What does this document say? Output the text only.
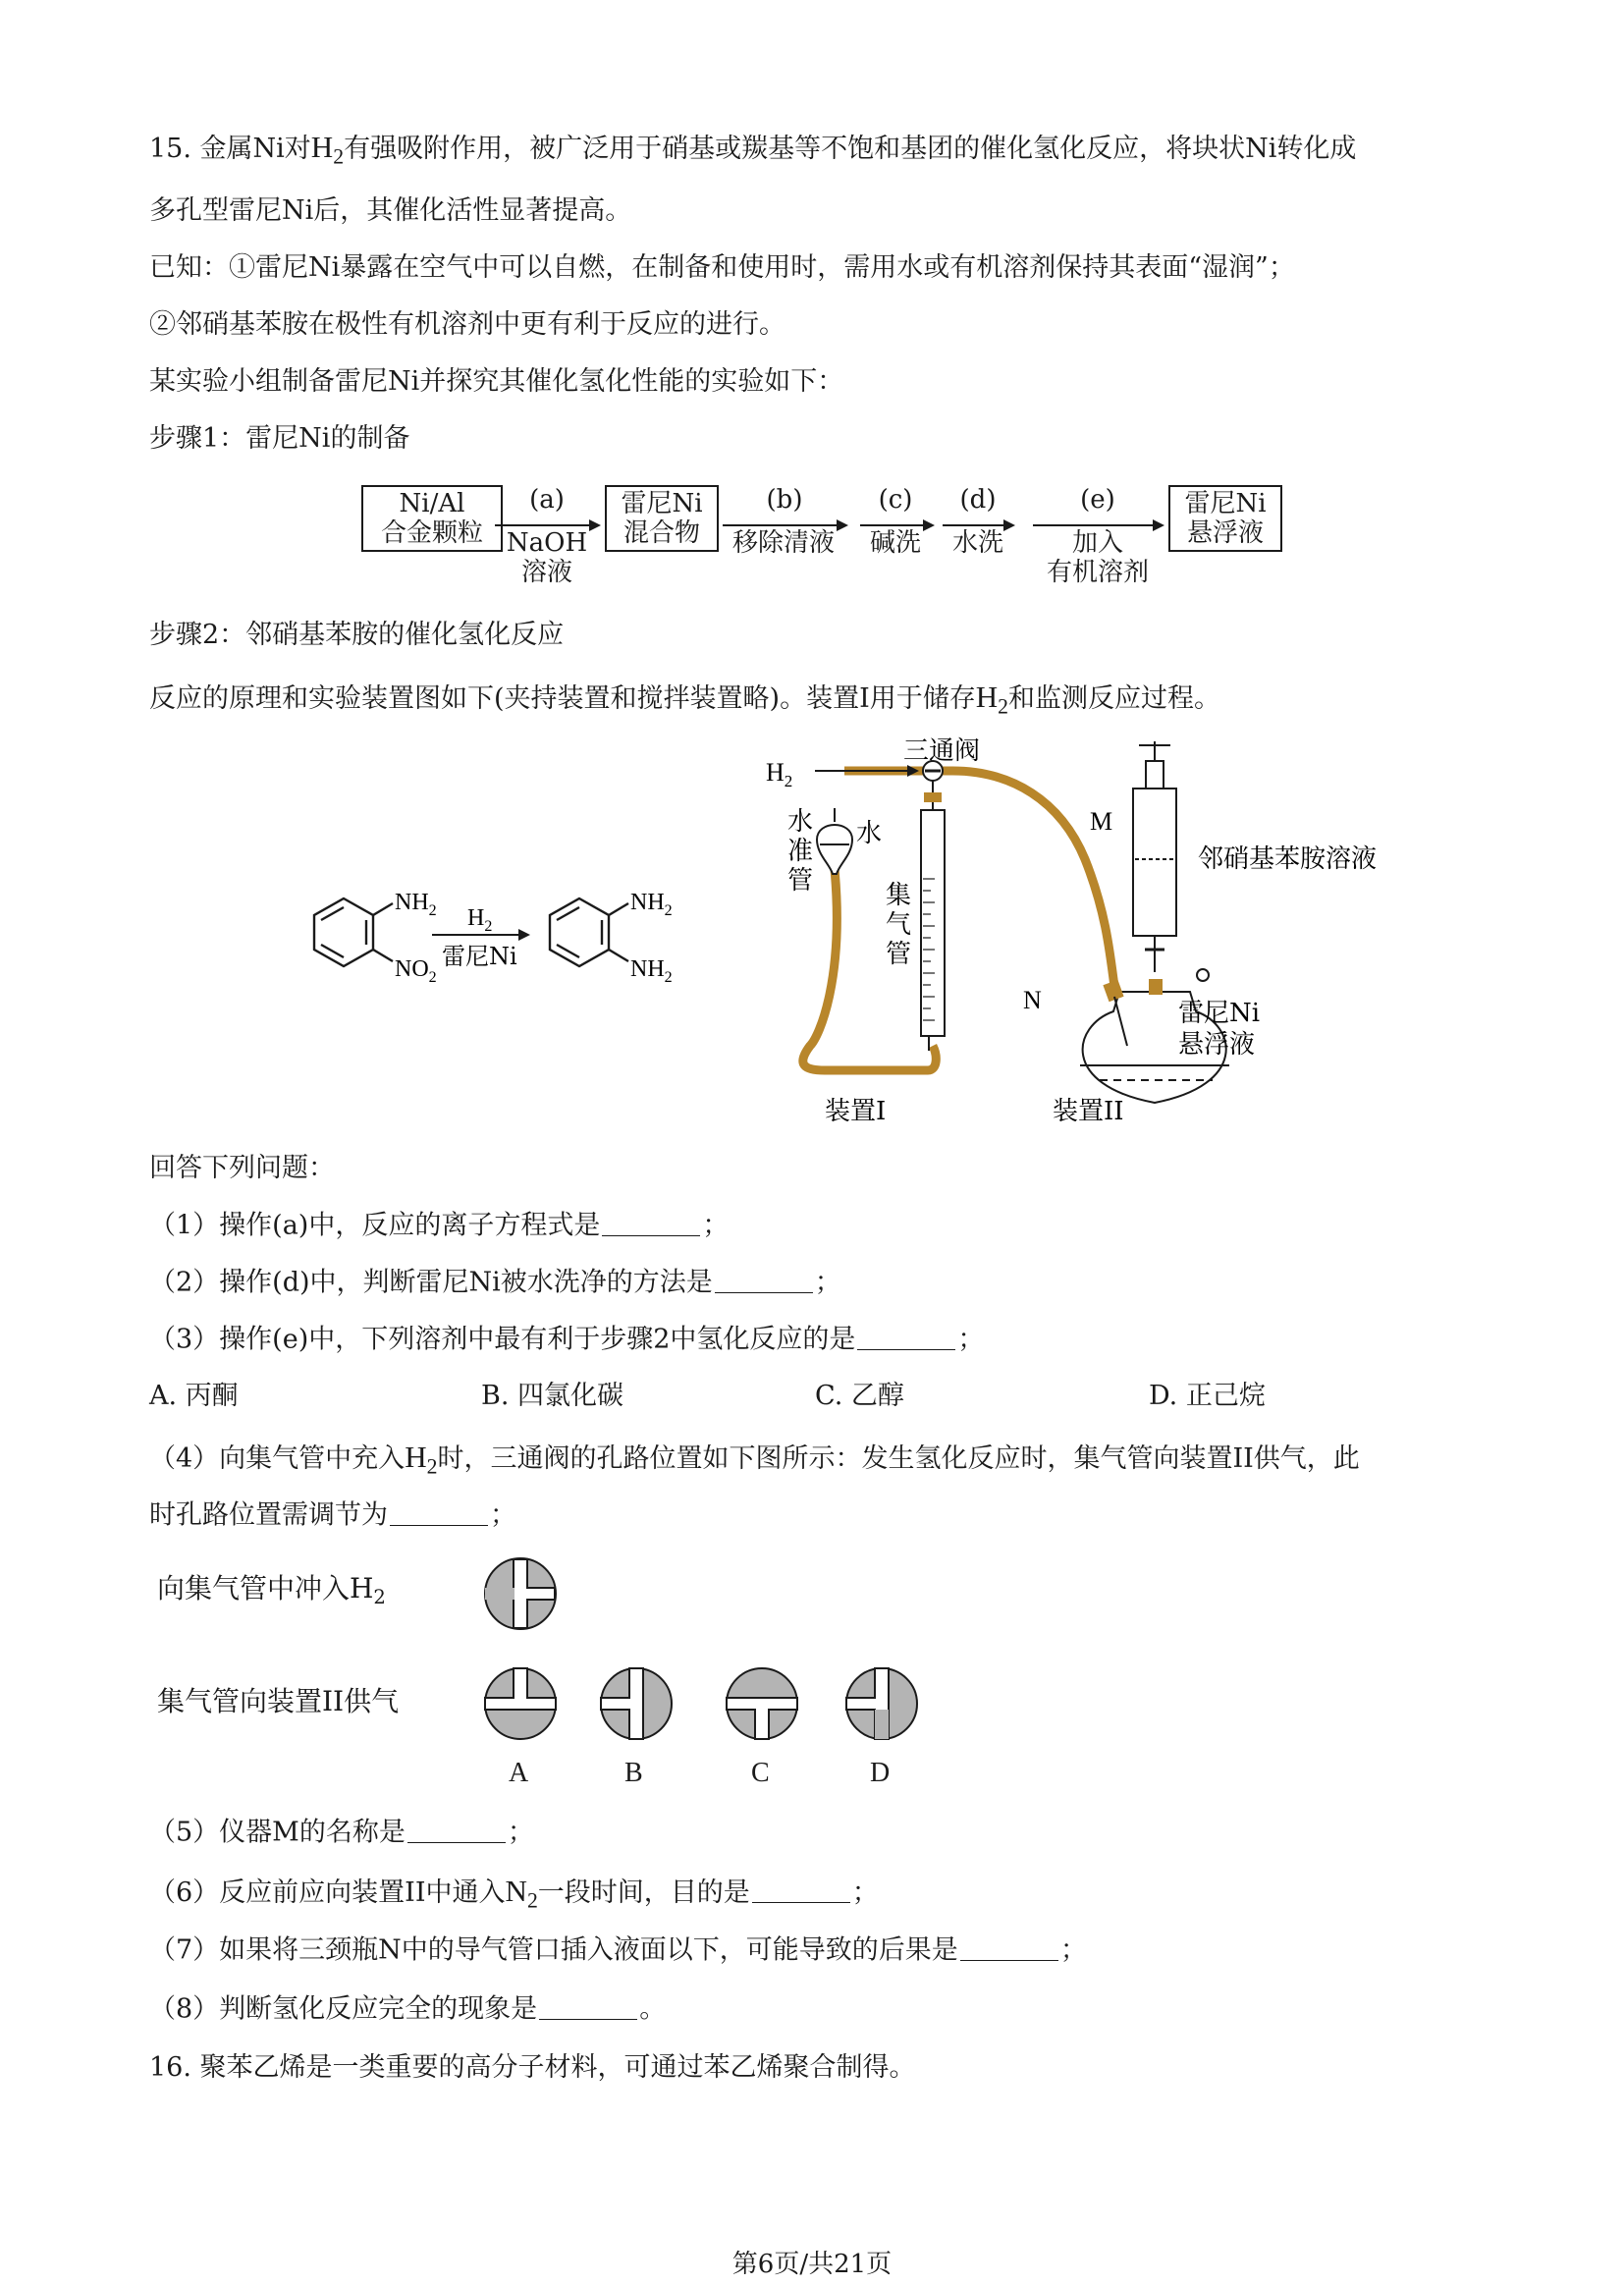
15. 金属Ni对$H_2$有强吸附作用，被广泛用于硝基或羰基等不饱和基团的催化氢化反应，将块状Ni转化成
多孔型雷尼Ni后，其催化活性显著提高。
已知：①雷尼Ni暴露在空气中可以自燃，在制备和使用时，需用水或有机溶剂保持其表面“湿润”；
②邻硝基苯胺在极性有机溶剂中更有利于反应的进行。
某实验小组制备雷尼Ni并探究其催化氢化性能的实验如下：
步骤1：雷尼Ni的制备
Ni/Al
合金颗粒
(a)
NaOH
溶液
雷尼Ni
混合物
(b)
移除清液
(c)
碱洗
(d)
水洗
(e)
加入
有机溶剂
雷尼Ni
悬浮液
步骤2：邻硝基苯胺的催化氢化反应
反应的原理和实验装置图如下(夹持装置和搅拌装置略)。装置I用于储存$H_2$和监测反应过程。
$NH_2$
$NO_2$
$H_2$
雷尼Ni
$NH_2$
$NH_2$
$H_2$
三通阀
水
准
管
水
集
气
管
M
邻硝基苯胺溶液
N	雷尼Ni
悬浮液
装置I	装置II
回答下列问题：
（1）操作(a)中，反应的离子方程式是	；
（2）操作(d)中，判断雷尼Ni被水洗净的方法是	；
（3）操作(e)中，下列溶剂中最有利于步骤2中氢化反应的是	；
A. 丙酮	B. 四氯化碳	C. 乙醇	D. 正己烷
（4）向集气管中充入$H_2$时，三通阀的孔路位置如下图所示：发生氢化反应时，集气管向装置II供气，此
时孔路位置需调节为	；
向集气管中冲入$H_2$
集气管向装置II供气
A	B	C	D
（5）仪器M的名称是	；
（6）反应前应向装置II中通入$N_2$一段时间，目的是	；
（7）如果将三颈瓶N中的导气管口插入液面以下，可能导致的后果是	；
（8）判断氢化反应完全的现象是	。
16. 聚苯乙烯是一类重要的高分子材料，可通过苯乙烯聚合制得。
第6页/共21页
